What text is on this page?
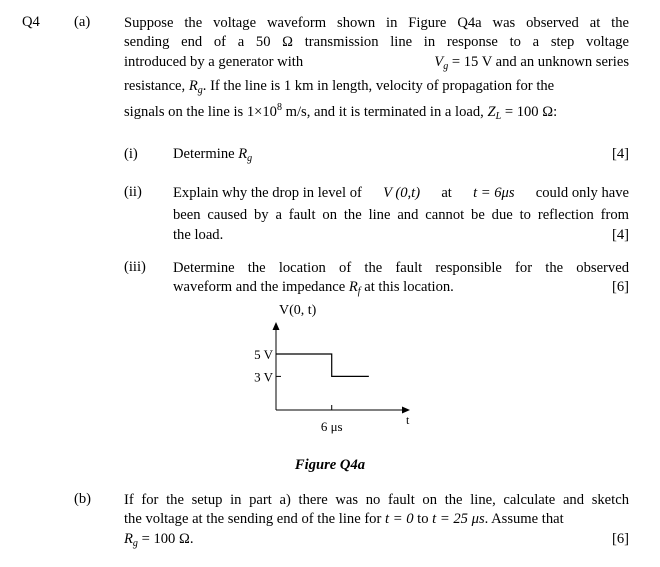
Q4 (a) Suppose the voltage waveform shown in Figure Q4a was observed at the
sending end of a 50 Ω transmission line in response to a step voltage
introduced by a generator with	$V_g = 15$ V and an unknown series
resistance, $R_g$. If the line is 1 km in length, velocity of propagation for the
signals on the line is $1\times 10^8$ m/s, and it is terminated in a load, $Z_L = 100$ Ω:
(i) Determine $R_g$	[4]
(ii) Explain why the drop in level of V (0,t) at t = 6μs could only have
been caused by a fault on the line and cannot be due to reflection from
the load.	[4]
(iii) Determine the location of the fault responsible for the observed
waveform and the impedance $R_f$ at this location.	[6]
V(0, t)
t
5 V
3 V
6 μs
Figure Q4a
(b) If for the setup in part a) there was no fault on the line, calculate and sketch
the voltage at the sending end of the line for t = 0 to t = 25 μs. Assume that
$R_g = 100$ Ω.	[6]
